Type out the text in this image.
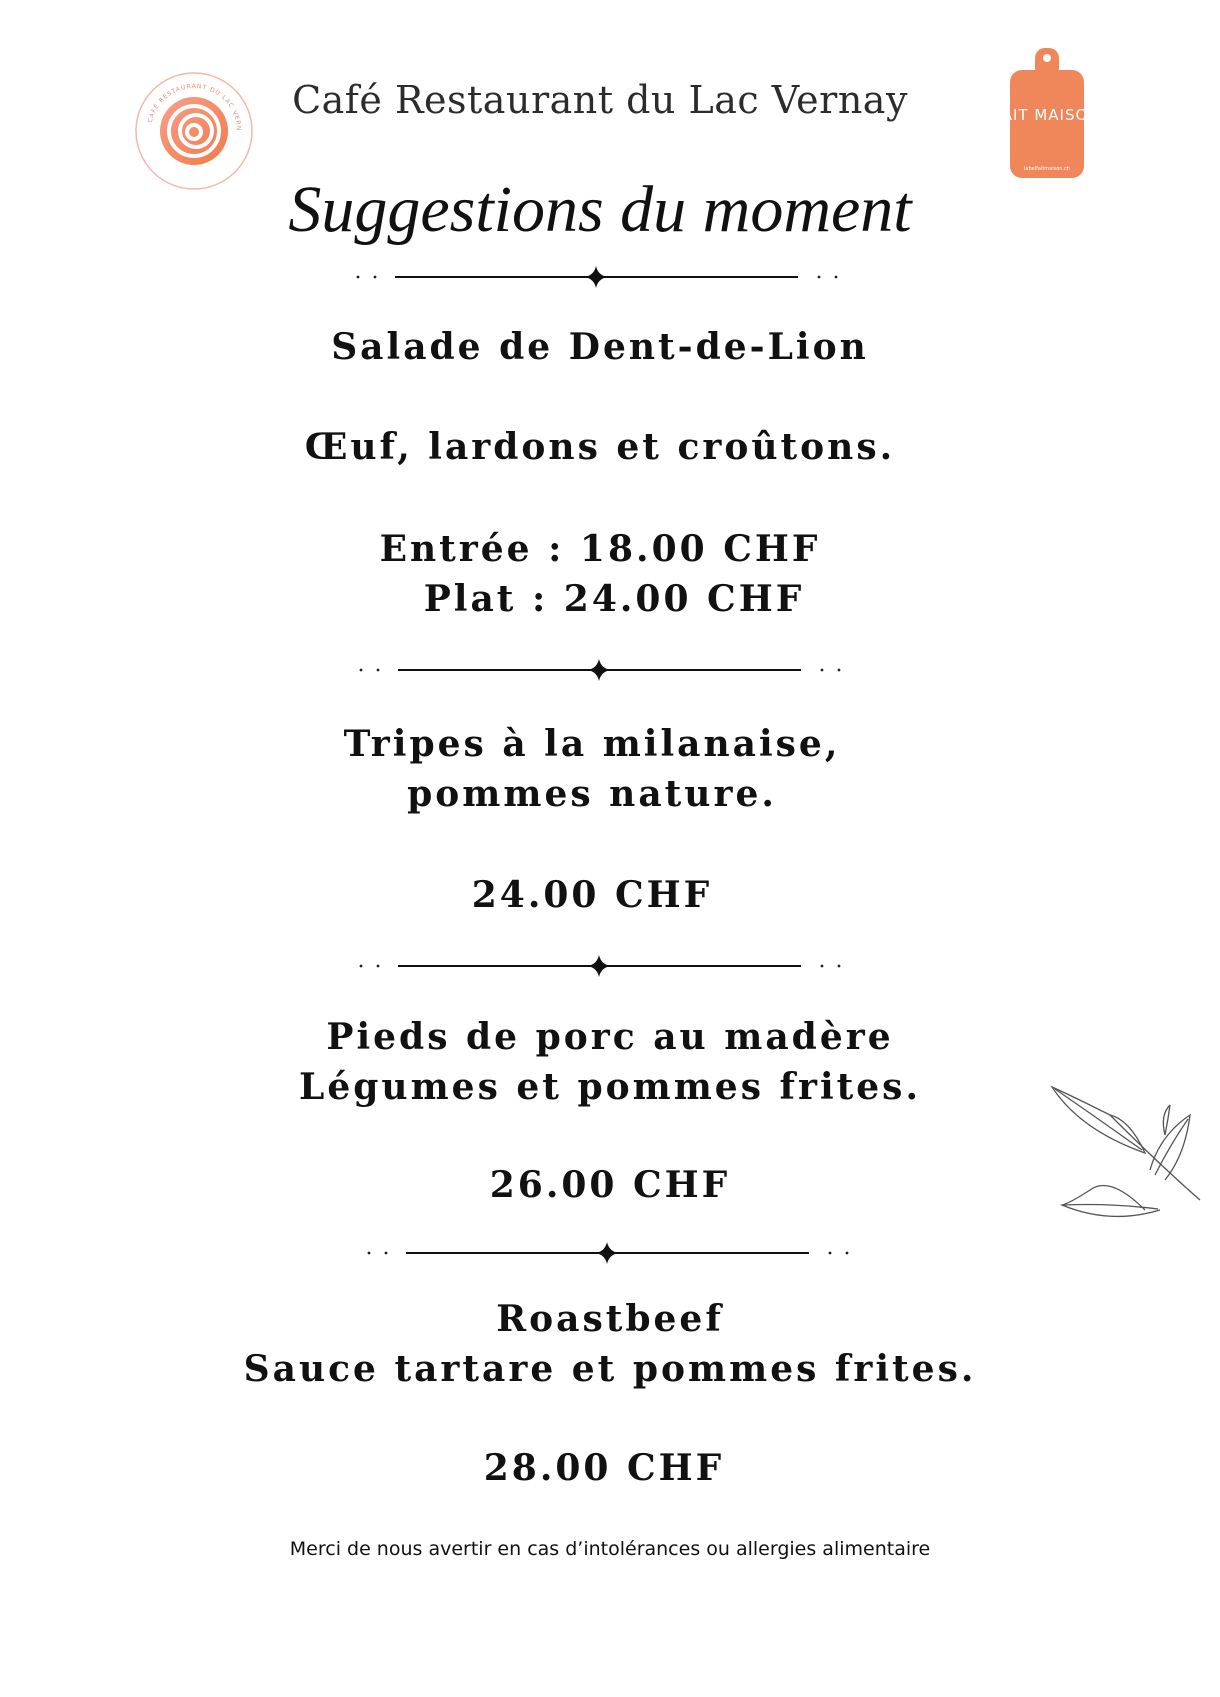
CAFÉ RESTAURANT DU LAC VERN
FAIT MAISON
labelfaitmaison.ch
Café Restaurant du Lac Vernay
Suggestions du moment
Salade de Dent-de-Lion
Œuf, lardons et croûtons.
Entrée : 18.00 CHF
Plat : 24.00 CHF
Tripes à la milanaise,
pommes nature.
24.00 CHF
Pieds de porc au madère
Légumes et pommes frites.
26.00 CHF
Roastbeef
Sauce tartare et pommes frites.
28.00 CHF
Merci de nous avertir en cas d’intolérances ou allergies alimentaire
